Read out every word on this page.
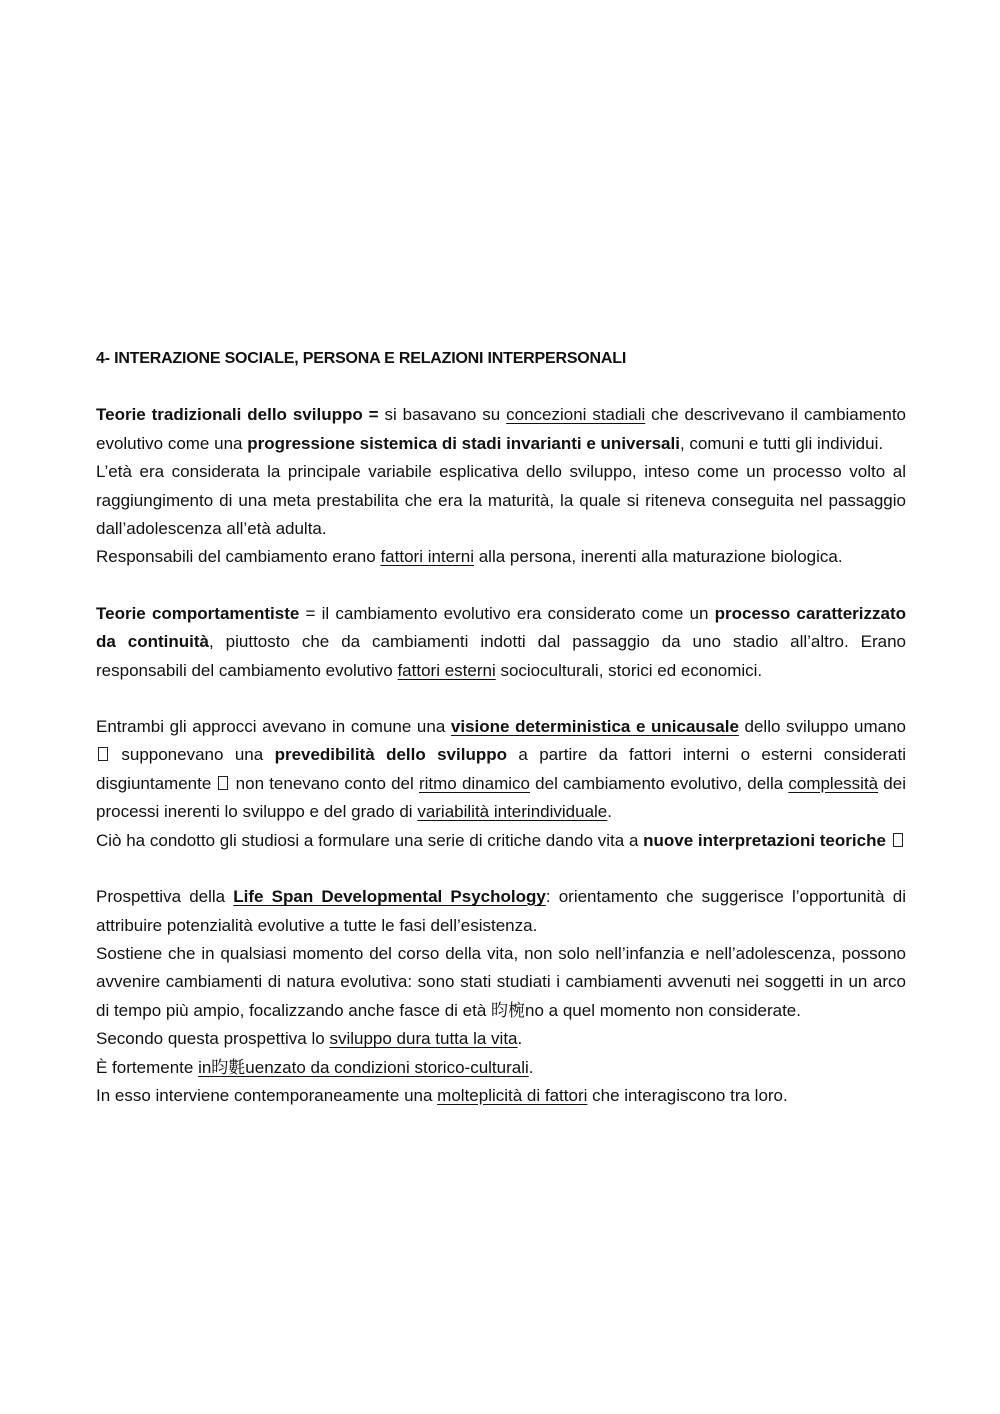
4- INTERAZIONE SOCIALE, PERSONA E RELAZIONI INTERPERSONALI

Teorie tradizionali dello sviluppo = si basavano su concezioni stadiali che descrivevano il cambiamento evolutivo come una progressione sistemica di stadi invarianti e universali, comuni e tutti gli individui.

L’età era considerata la principale variabile esplicativa dello sviluppo, inteso come un processo volto al raggiungimento di una meta prestabilita che era la maturità, la quale si riteneva conseguita nel passaggio dall’adolescenza all’età adulta.

Responsabili del cambiamento erano fattori interni alla persona, inerenti alla maturazione biologica.

Teorie comportamentiste = il cambiamento evolutivo era considerato come un processo caratterizzato da continuità, piuttosto che da cambiamenti indotti dal passaggio da uno stadio all’altro. Erano responsabili del cambiamento evolutivo fattori esterni socioculturali, storici ed economici.

Entrambi gli approcci avevano in comune una visione deterministica e unicausale dello sviluppo umano  supponevano una prevedibilità dello sviluppo a partire da fattori interni o esterni considerati disgiuntamente  non tenevano conto del ritmo dinamico del cambiamento evolutivo, della complessità dei processi inerenti lo sviluppo e del grado di variabilità interindividuale.

Ciò ha condotto gli studiosi a formulare una serie di critiche dando vita a nuove interpretazioni teoriche

Prospettiva della Life Span Developmental Psychology: orientamento che suggerisce l’opportunità di attribuire potenzialità evolutive a tutte le fasi dell’esistenza.

Sostiene che in qualsiasi momento del corso della vita, non solo nell’infanzia e nell’adolescenza, possono avvenire cambiamenti di natura evolutiva: sono stati studiati i cambiamenti avvenuti nei soggetti in un arco di tempo più ampio, focalizzando anche fasce di età 昀椀no a quel momento non considerate.

Secondo questa prospettiva lo sviluppo dura tutta la vita.

È fortemente in昀氀uenzato da condizioni storico-culturali.

In esso interviene contemporaneamente una molteplicità di fattori che interagiscono tra loro.
